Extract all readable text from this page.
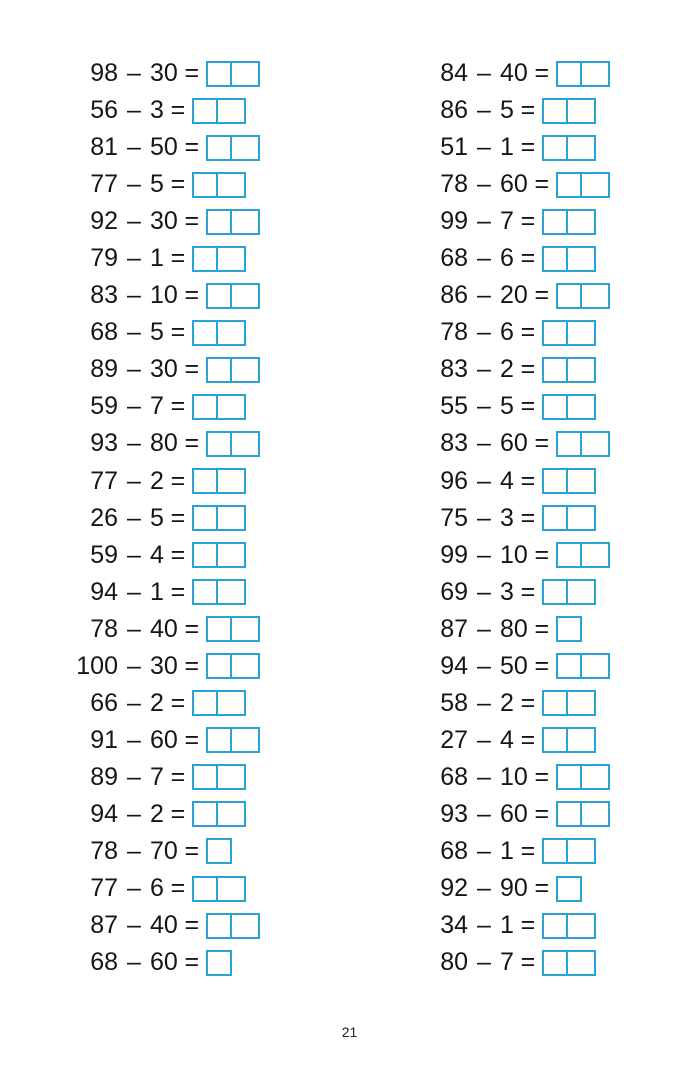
98 – 30 =
56 – 3 =
81 – 50 =
77 – 5 =
92 – 30 =
79 – 1 =
83 – 10 =
68 – 5 =
89 – 30 =
59 – 7 =
93 – 80 =
77 – 2 =
26 – 5 =
59 – 4 =
94 – 1 =
78 – 40 =
100 – 30 =
66 – 2 =
91 – 60 =
89 – 7 =
94 – 2 =
78 – 70 =
77 – 6 =
87 – 40 =
68 – 60 =
84 – 40 =
86 – 5 =
51 – 1 =
78 – 60 =
99 – 7 =
68 – 6 =
86 – 20 =
78 – 6 =
83 – 2 =
55 – 5 =
83 – 60 =
96 – 4 =
75 – 3 =
99 – 10 =
69 – 3 =
87 – 80 =
94 – 50 =
58 – 2 =
27 – 4 =
68 – 10 =
93 – 60 =
68 – 1 =
92 – 90 =
34 – 1 =
80 – 7 =
21
